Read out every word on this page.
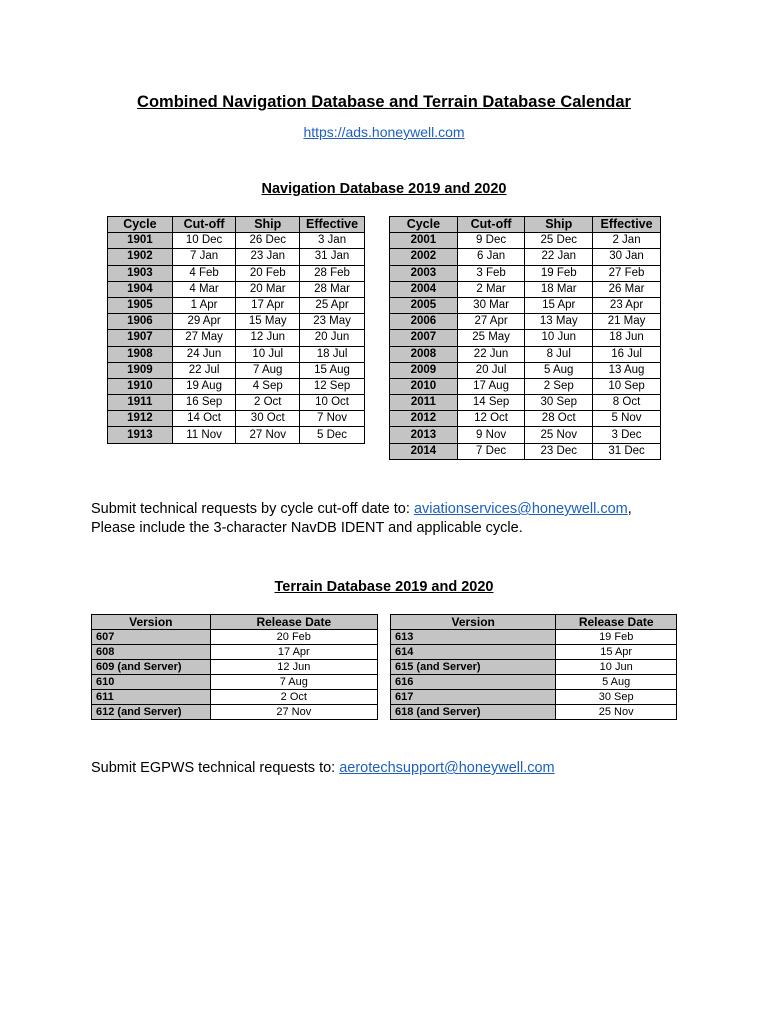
Combined Navigation Database and Terrain Database Calendar
https://ads.honeywell.com
Navigation Database 2019 and 2020
Cycle	Cut-off	Ship	Effective
1901	10 Dec	26 Dec	3 Jan
1902	7 Jan	23 Jan	31 Jan
1903	4 Feb	20 Feb	28 Feb
1904	4 Mar	20 Mar	28 Mar
1905	1 Apr	17 Apr	25 Apr
1906	29 Apr	15 May	23 May
1907	27 May	12 Jun	20 Jun
1908	24 Jun	10 Jul	18 Jul
1909	22 Jul	7 Aug	15 Aug
1910	19 Aug	4 Sep	12 Sep
1911	16 Sep	2 Oct	10 Oct
1912	14 Oct	30 Oct	7 Nov
1913	11 Nov	27 Nov	5 Dec
Cycle	Cut-off	Ship	Effective
2001	9 Dec	25 Dec	2 Jan
2002	6 Jan	22 Jan	30 Jan
2003	3 Feb	19 Feb	27 Feb
2004	2 Mar	18 Mar	26 Mar
2005	30 Mar	15 Apr	23 Apr
2006	27 Apr	13 May	21 May
2007	25 May	10 Jun	18 Jun
2008	22 Jun	8 Jul	16 Jul
2009	20 Jul	5 Aug	13 Aug
2010	17 Aug	2 Sep	10 Sep
2011	14 Sep	30 Sep	8 Oct
2012	12 Oct	28 Oct	5 Nov
2013	9 Nov	25 Nov	3 Dec
2014	7 Dec	23 Dec	31 Dec
Submit technical requests by cycle cut-off date to: aviationservices@honeywell.com,
Please include the 3-character NavDB IDENT and applicable cycle.
Terrain Database 2019 and 2020
Version	Release Date
607	20 Feb
608	17 Apr
609 (and Server)	12 Jun
610	7 Aug
611	2 Oct
612 (and Server)	27 Nov
Version	Release Date
613	19 Feb
614	15 Apr
615 (and Server)	10 Jun
616	5 Aug
617	30 Sep
618 (and Server)	25 Nov
Submit EGPWS technical requests to: aerotechsupport@honeywell.com
